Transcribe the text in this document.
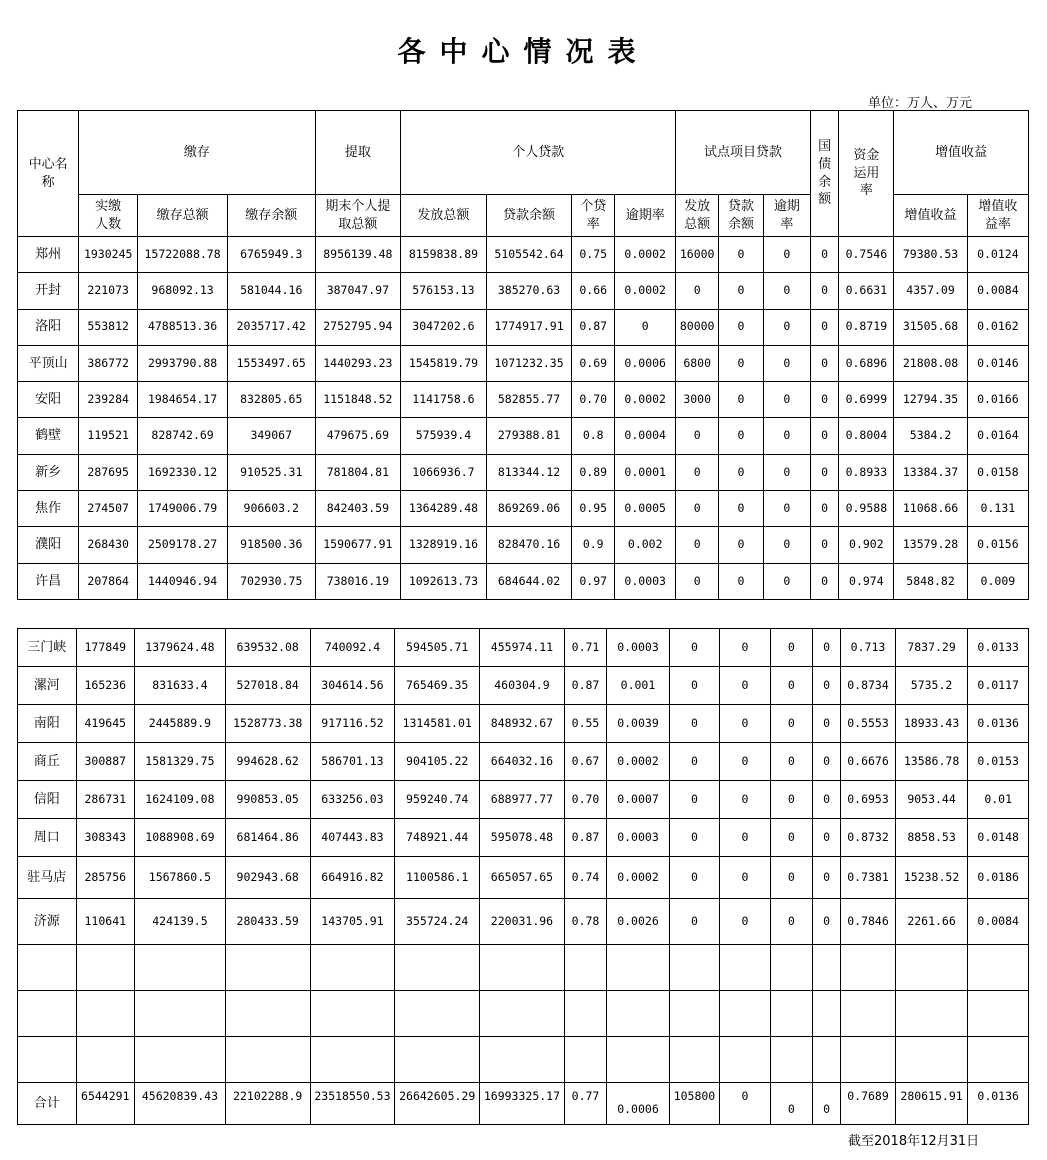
各中心情况表
单位：万人、万元
中心名称	缴存			提取	个人贷款				试点项目贷款			国债余额	资金运用率	增值收益	
	实缴人数	缴存总额	缴存余额	期末个人提取总额	发放总额	贷款余额	个贷率	逾期率	发放总额	贷款余额	逾期率			增值收益	增值收益率
郑州	1930245	15722088.78	6765949.3	8956139.48	8159838.89	5105542.64	0.75	0.0002	16000	0	0	0	0.7546	79380.53	0.0124
开封	221073	968092.13	581044.16	387047.97	576153.13	385270.63	0.66	0.0002	0	0	0	0	0.6631	4357.09	0.0084
洛阳	553812	4788513.36	2035717.42	2752795.94	3047202.6	1774917.91	0.87	0	80000	0	0	0	0.8719	31505.68	0.0162
平顶山	386772	2993790.88	1553497.65	1440293.23	1545819.79	1071232.35	0.69	0.0006	6800	0	0	0	0.6896	21808.08	0.0146
安阳	239284	1984654.17	832805.65	1151848.52	1141758.6	582855.77	0.70	0.0002	3000	0	0	0	0.6999	12794.35	0.0166
鹤壁	119521	828742.69	349067	479675.69	575939.4	279388.81	0.8	0.0004	0	0	0	0	0.8004	5384.2	0.0164
新乡	287695	1692330.12	910525.31	781804.81	1066936.7	813344.12	0.89	0.0001	0	0	0	0	0.8933	13384.37	0.0158
焦作	274507	1749006.79	906603.2	842403.59	1364289.48	869269.06	0.95	0.0005	0	0	0	0	0.9588	11068.66	0.131
濮阳	268430	2509178.27	918500.36	1590677.91	1328919.16	828470.16	0.9	0.002	0	0	0	0	0.902	13579.28	0.0156
许昌	207864	1440946.94	702930.75	738016.19	1092613.73	684644.02	0.97	0.0003	0	0	0	0	0.974	5848.82	0.009
三门峡	177849	1379624.48	639532.08	740092.4	594505.71	455974.11	0.71	0.0003	0	0	0	0	0.713	7837.29	0.0133
漯河	165236	831633.4	527018.84	304614.56	765469.35	460304.9	0.87	0.001	0	0	0	0	0.8734	5735.2	0.0117
南阳	419645	2445889.9	1528773.38	917116.52	1314581.01	848932.67	0.55	0.0039	0	0	0	0	0.5553	18933.43	0.0136
商丘	300887	1581329.75	994628.62	586701.13	904105.22	664032.16	0.67	0.0002	0	0	0	0	0.6676	13586.78	0.0153
信阳	286731	1624109.08	990853.05	633256.03	959240.74	688977.77	0.70	0.0007	0	0	0	0	0.6953	9053.44	0.01
周口	308343	1088908.69	681464.86	407443.83	748921.44	595078.48	0.87	0.0003	0	0	0	0	0.8732	8858.53	0.0148
驻马店	285756	1567860.5	902943.68	664916.82	1100586.1	665057.65	0.74	0.0002	0	0	0	0	0.7381	15238.52	0.0186
济源	110641	424139.5	280433.59	143705.91	355724.24	220031.96	0.78	0.0026	0	0	0	0	0.7846	2261.66	0.0084

合计	6544291	45620839.43	22102288.9	23518550.53	26642605.29	16993325.17	0.77	0.0006	105800	0	0	0	0.7689	280615.91	0.0136
截至2018年12月31日
